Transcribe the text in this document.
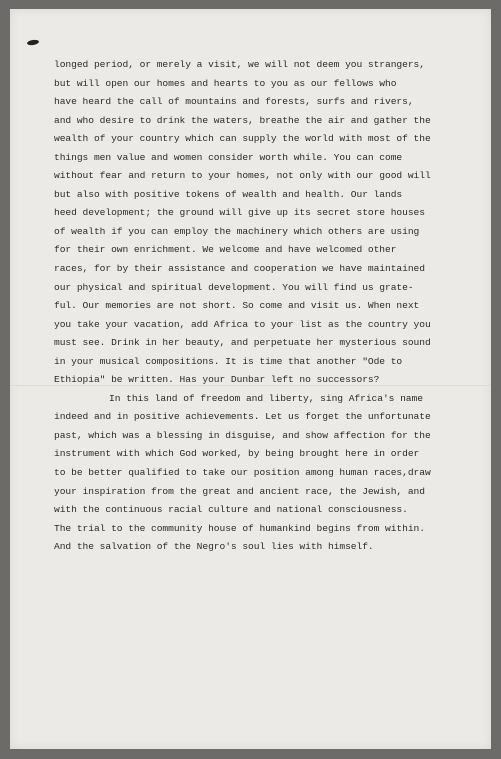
longed period, or merely a visit, we will not deem you strangers,
but will open our homes and hearts to you as our fellows who
have heard the call of mountains and forests, surfs and rivers,
and who desire to drink the waters, breathe the air and gather the
wealth of your country which can supply the world with most of the
things men value and women consider worth while. You can come
without fear and return to your homes, not only with our good will
but also with positive tokens of wealth and health. Our lands
heed development; the ground will give up its secret store houses
of wealth if you can employ the machinery which others are using
for their own enrichment. We welcome and have welcomed other
races, for by their assistance and cooperation we have maintained
our physical and spiritual development. You will find us grate-
ful. Our memories are not short. So come and visit us. When next
you take your vacation, add Africa to your list as the country you
must see. Drink in her beauty, and perpetuate her mysterious sound
in your musical compositions. It is time that another "Ode to
Ethiopia" be written. Has your Dunbar left no successors?
In this land of freedom and liberty, sing Africa's name
indeed and in positive achievements. Let us forget the unfortunate
past, which was a blessing in disguise, and show affection for the
instrument with which God worked, by being brought here in order
to be better qualified to take our position among human races,draw
your inspiration from the great and ancient race, the Jewish, and
with the continuous racial culture and national consciousness.
The trial to the community house of humankind begins from within.
And the salvation of the Negro's soul lies with himself.
